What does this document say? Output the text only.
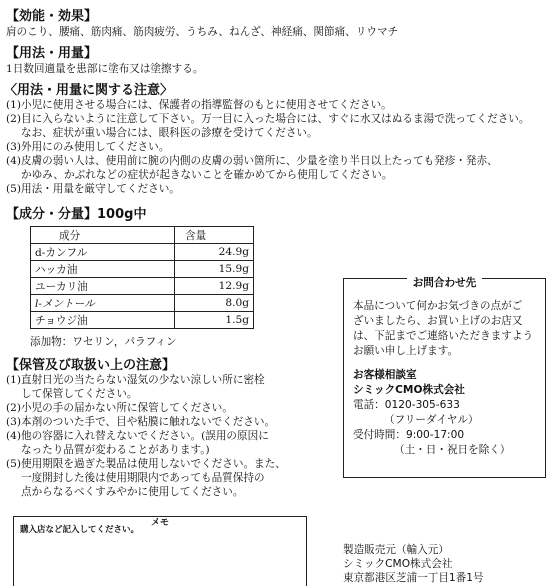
【効能・効果】
肩のこり、腰痛、筋肉痛、筋肉疲労、うちみ、ねんざ、神経痛、関節痛、リウマチ
【用法・用量】
1日数回適量を患部に塗布又は塗擦する。
〈用法・用量に関する注意〉
(1)小児に使用させる場合には、保護者の指導監督のもとに使用させてください。
(2)目に入らないように注意して下さい。万一目に入った場合には、すぐに水又はぬるま湯で洗ってください。
なお、症状が重い場合には、眼科医の診療を受けてください。
(3)外用にのみ使用してください。
(4)皮膚の弱い人は、使用前に腕の内側の皮膚の弱い箇所に、少量を塗り半日以上たっても発疹・発赤、
かゆみ、かぶれなどの症状が起きないことを確かめてから使用してください。
(5)用法・用量を厳守してください。
【成分・分量】100g中
成分	含量
d-カンフル	24.9g
ハッカ油	15.9g
ユーカリ油	12.9g
l-メントール	8.0g
チョウジ油	1.5g
添加物：ワセリン，パラフィン
【保管及び取扱い上の注意】
(1)直射日光の当たらない湿気の少ない涼しい所に密栓
して保管してください。
(2)小児の手の届かない所に保管してください。
(3)本剤のついた手で、目や粘膜に触れないでください。
(4)他の容器に入れ替えないでください。(誤用の原因に
なったり品質が変わることがあります。)
(5)使用期限を過ぎた製品は使用しないでください。また、
一度開封した後は使用期限内であっても品質保持の
点からなるべくすみやかに使用してください。
お問合わせ先
本品について何かお気づきの点がご
ざいましたら、お買い上げのお店又
は、下記までご連絡いただきますよう
お願い申し上げます。
お客様相談室
シミックCMO株式会社
電話：0120-305-633
（フリーダイヤル）
受付時間：9:00-17:00
（土・日・祝日を除く）
メモ
購入店など記入してください。
製造販売元（輸入元）
シミックCMO株式会社
東京都港区芝浦一丁目1番1号
